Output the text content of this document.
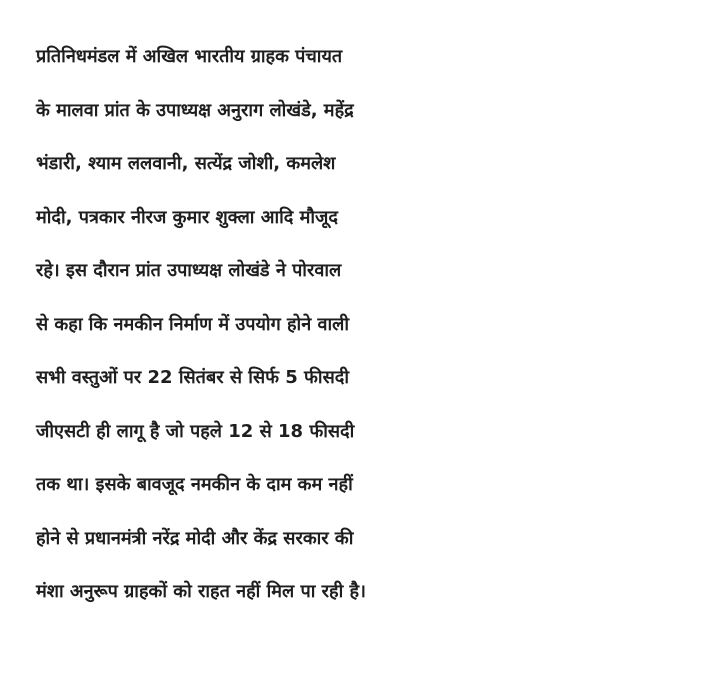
प्रतिनिधमंडल में अखिल भारतीय ग्राहक पंचायत
के मालवा प्रांत के उपाध्यक्ष अनुराग लोखंडे, महेंद्र
भंडारी, श्याम ललवानी, सत्येंद्र जोशी, कमलेश
मोदी, पत्रकार नीरज कुमार शुक्ला आदि मौजूद
रहे। इस दौरान प्रांत उपाध्यक्ष लोखंडे ने पोरवाल
से कहा कि नमकीन निर्माण में उपयोग होने वाली
सभी वस्तुओं पर 22 सितंबर से सिर्फ 5 फीसदी
जीएसटी ही लागू है जो पहले 12 से 18 फीसदी
तक था। इसके बावजूद नमकीन के दाम कम नहीं
होने से प्रधानमंत्री नरेंद्र मोदी और केंद्र सरकार की
मंशा अनुरूप ग्राहकों को राहत नहीं मिल पा रही है।
